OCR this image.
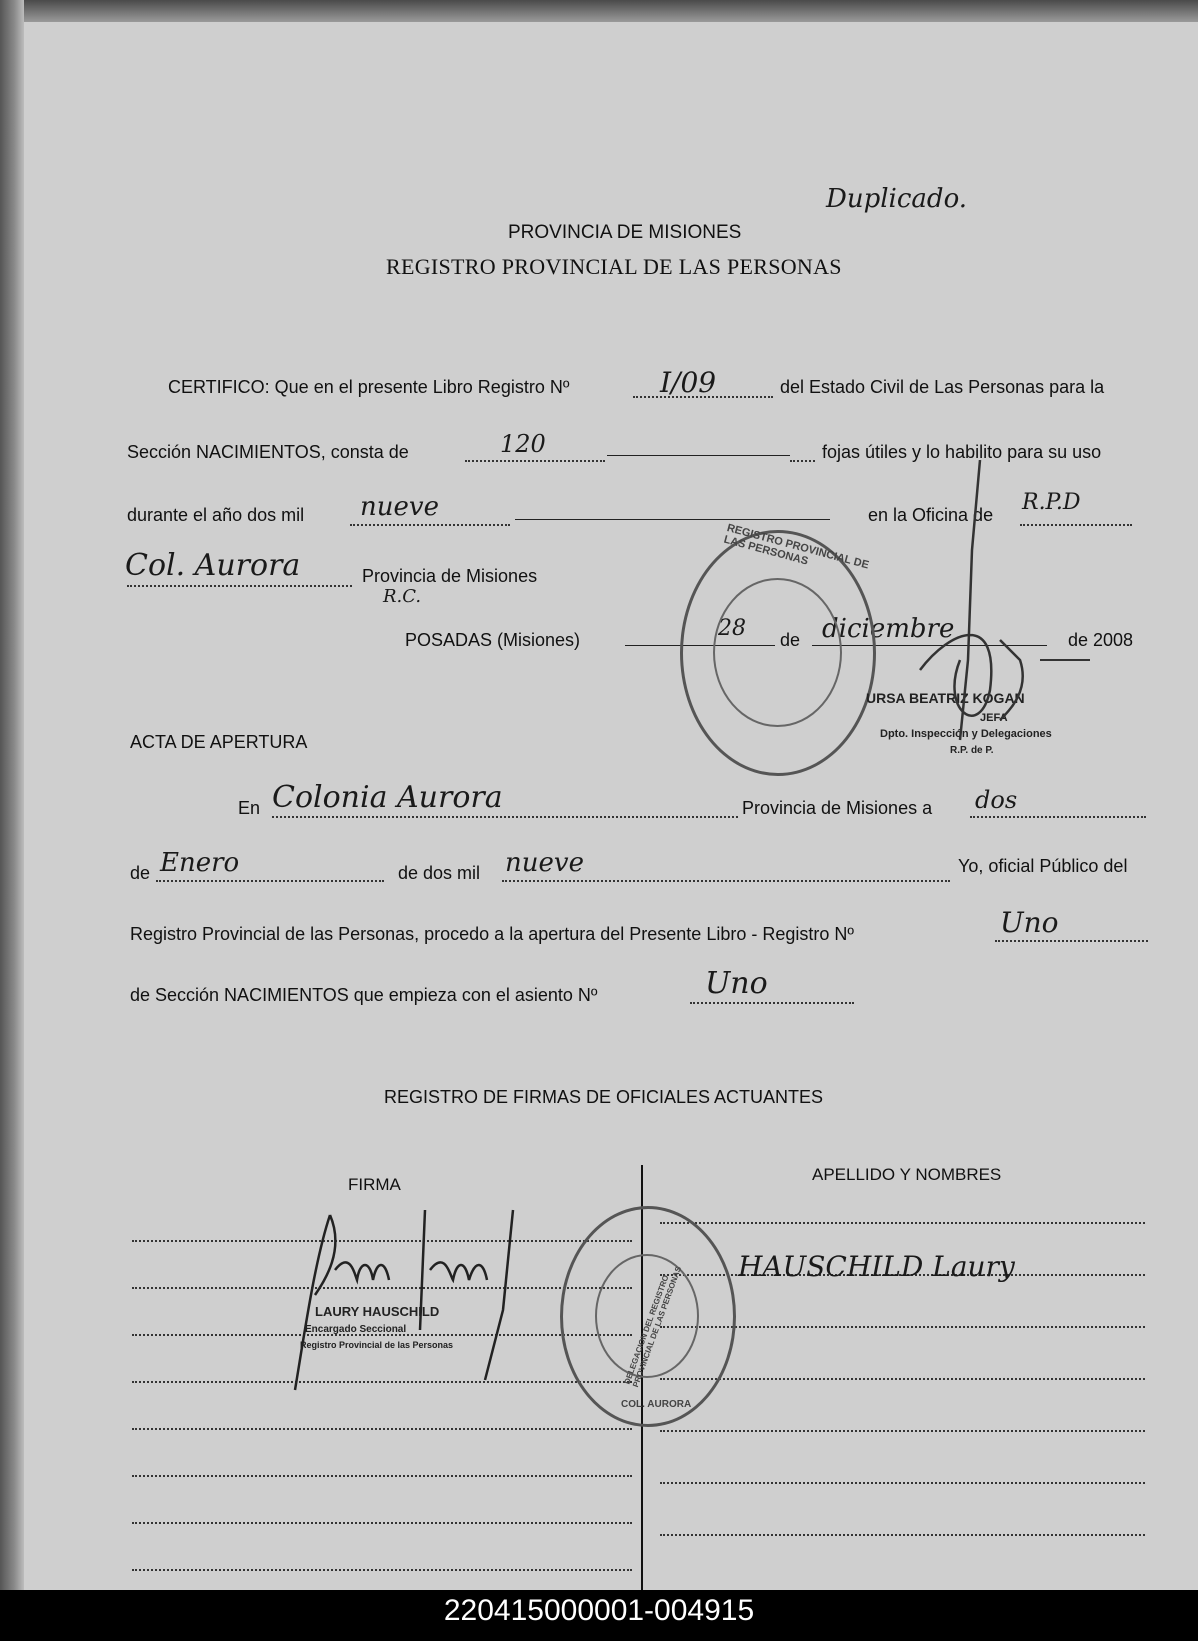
Duplicado.
PROVINCIA DE MISIONES
REGISTRO PROVINCIAL DE LAS PERSONAS
CERTIFICO: Que en el presente Libro Registro Nº	I/09	del Estado Civil de Las Personas para la
Sección NACIMIENTOS, consta de	120	fojas útiles y lo habilito para su uso
durante el año dos mil nueve	en la Oficina de R.P.D
Col. Aurora	Provincia de Misiones
R.C.
POSADAS (Misiones)	28 de diciembre	de 2008
REGISTRO PROVINCIAL DE LAS PERSONAS
URSA BEATRIZ KOGAN
JEFA
Dpto. Inspección y Delegaciones
R.P. de P.
ACTA DE APERTURA
En Colonia Aurora	Provincia de Misiones a dos
de Enero	de dos mil nueve	Yo, oficial Público del
Registro Provincial de las Personas, procedo a la apertura del Presente Libro - Registro Nº	Uno
de Sección NACIMIENTOS que empieza con el asiento Nº	Uno
REGISTRO DE FIRMAS DE OFICIALES ACTUANTES
FIRMA
APELLIDO Y NOMBRES
HAUSCHILD Laury
LAURY HAUSCHILD
Encargado Seccional
Registro Provincial de las Personas	DELEGACION DEL REGISTRO PROVINCIAL DE LAS PERSONAS
COL. AURORA
220415000001-004915
